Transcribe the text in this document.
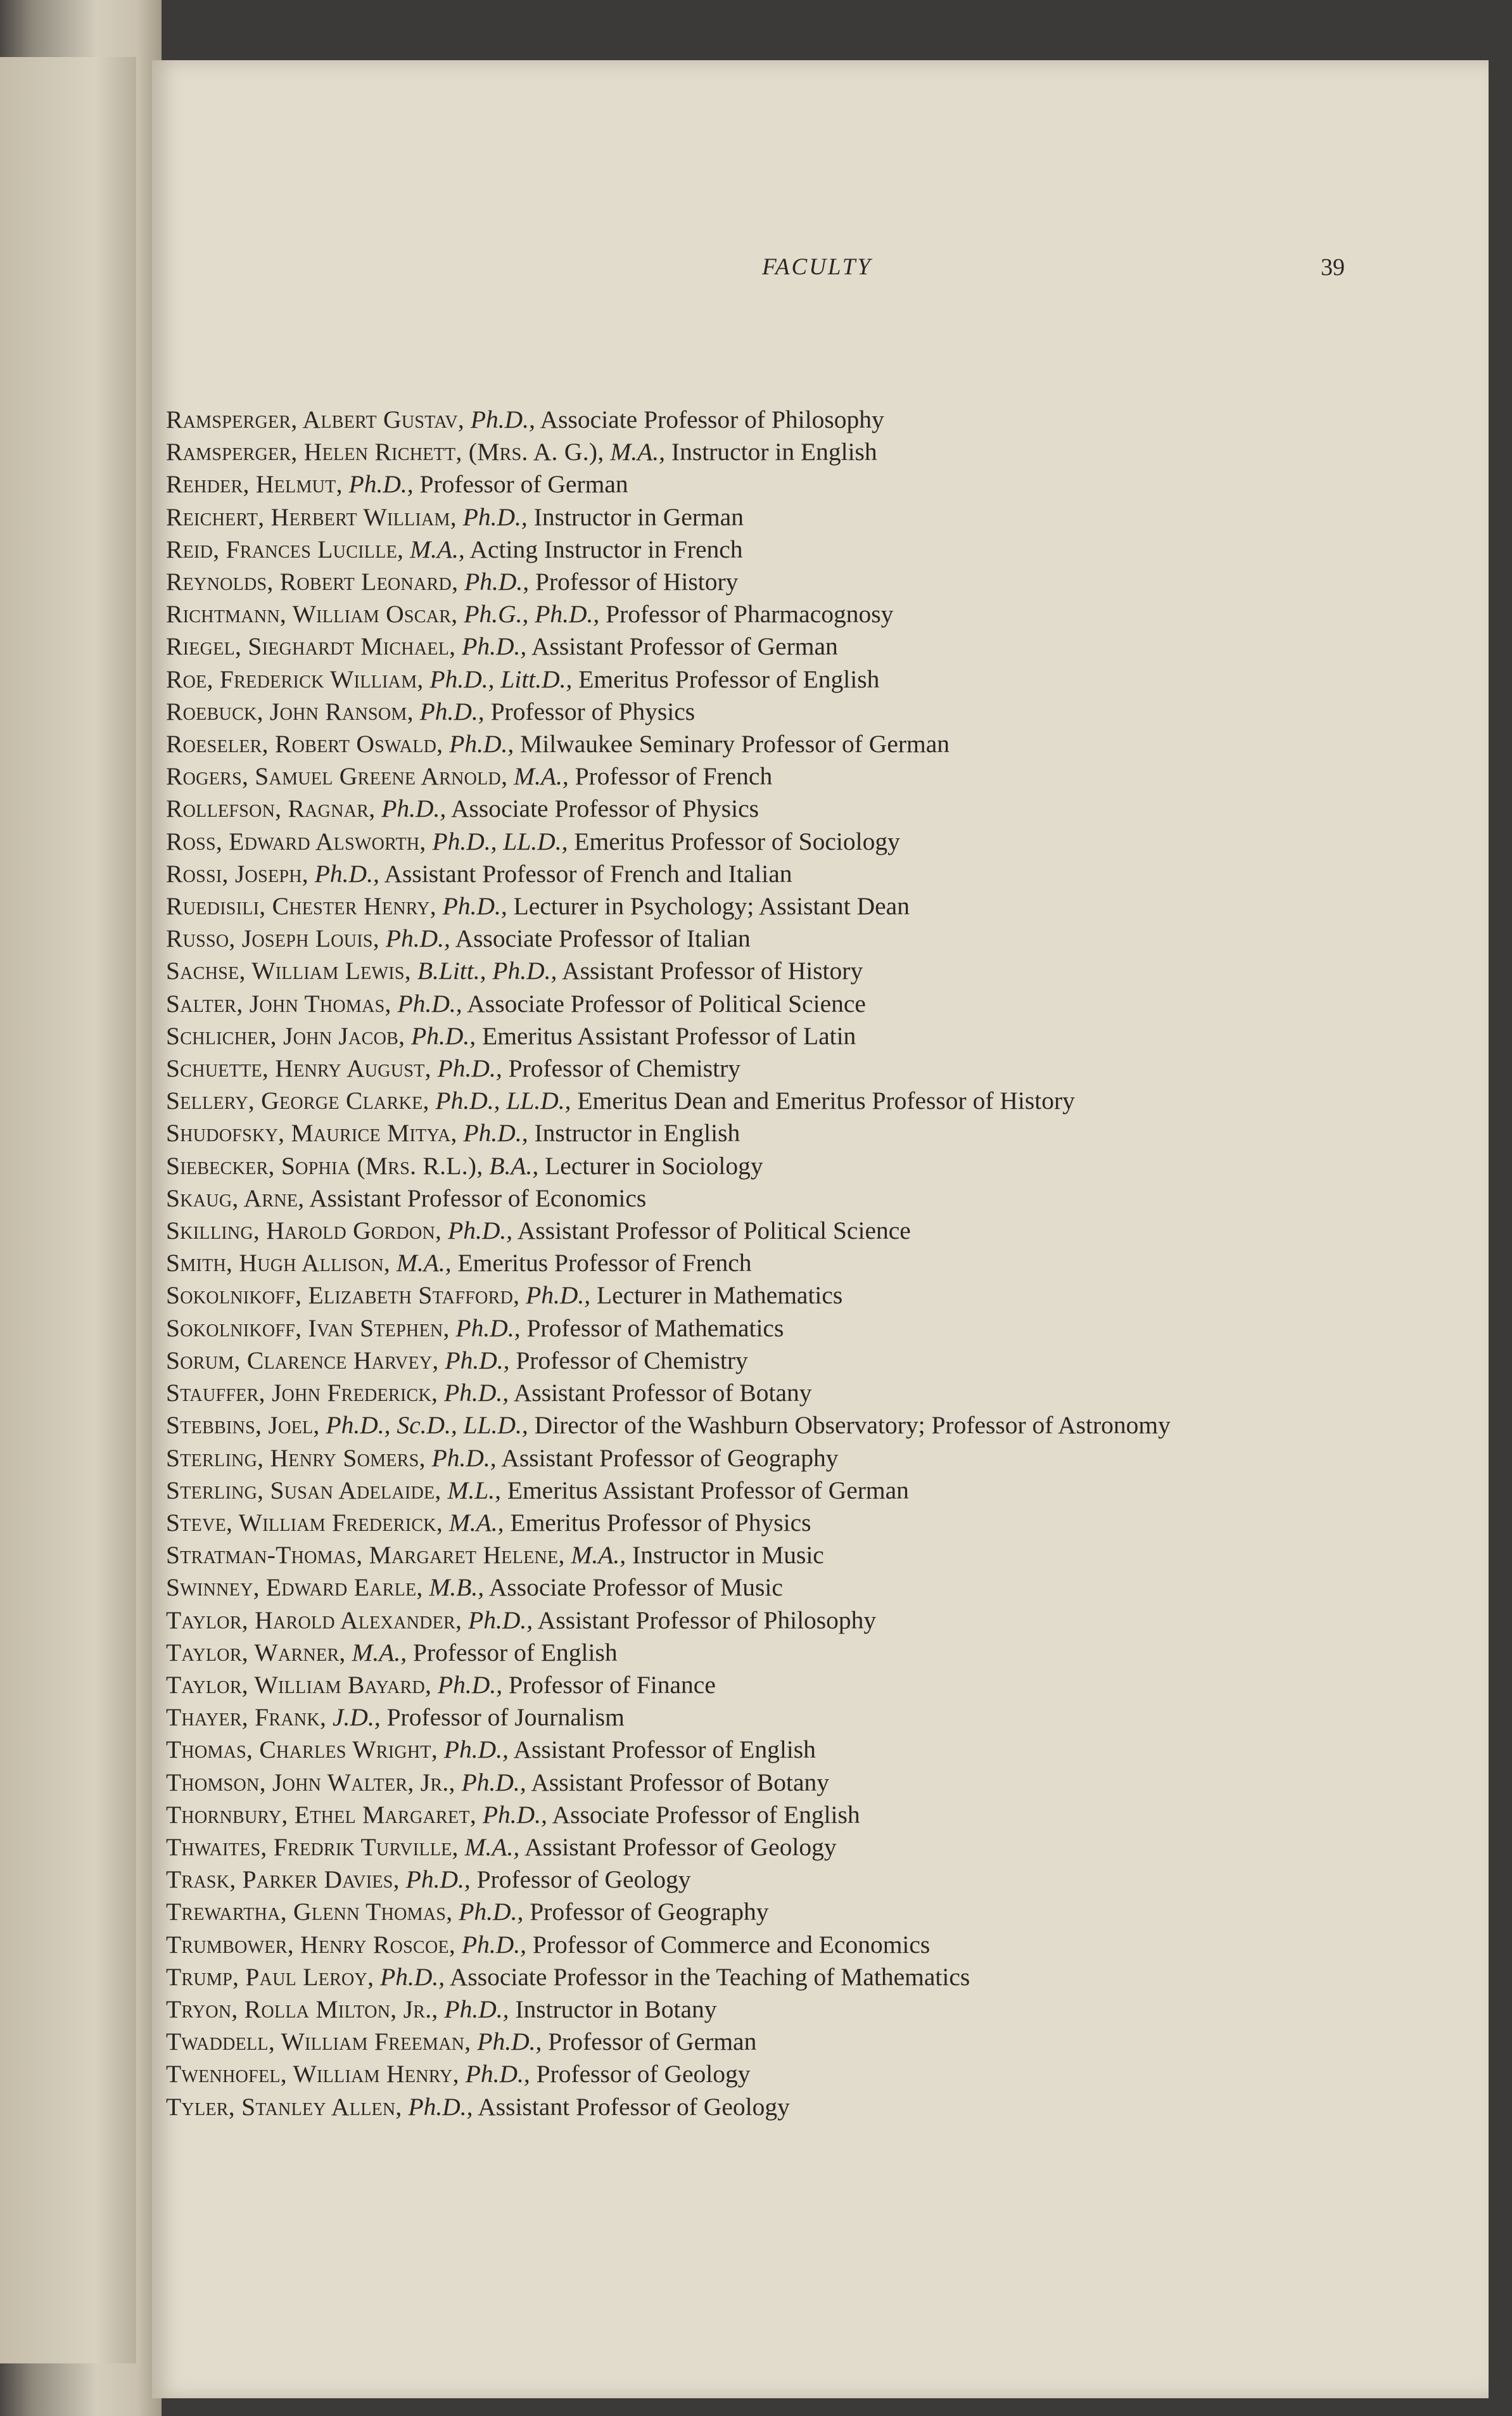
FACULTY	39

Ramsperger, Albert Gustav, Ph.D., Associate Professor of Philosophy

Ramsperger, Helen Richett, (Mrs. A. G.), M.A., Instructor in English

Rehder, Helmut, Ph.D., Professor of German

Reichert, Herbert William, Ph.D., Instructor in German

Reid, Frances Lucille, M.A., Acting Instructor in French

Reynolds, Robert Leonard, Ph.D., Professor of History

Richtmann, William Oscar, Ph.G., Ph.D., Professor of Pharmacognosy

Riegel, Sieghardt Michael, Ph.D., Assistant Professor of German

Roe, Frederick William, Ph.D., Litt.D., Emeritus Professor of English

Roebuck, John Ransom, Ph.D., Professor of Physics

Roeseler, Robert Oswald, Ph.D., Milwaukee Seminary Professor of German

Rogers, Samuel Greene Arnold, M.A., Professor of French

Rollefson, Ragnar, Ph.D., Associate Professor of Physics

Ross, Edward Alsworth, Ph.D., LL.D., Emeritus Professor of Sociology

Rossi, Joseph, Ph.D., Assistant Professor of French and Italian

Ruedisili, Chester Henry, Ph.D., Lecturer in Psychology; Assistant Dean

Russo, Joseph Louis, Ph.D., Associate Professor of Italian

Sachse, William Lewis, B.Litt., Ph.D., Assistant Professor of History

Salter, John Thomas, Ph.D., Associate Professor of Political Science

Schlicher, John Jacob, Ph.D., Emeritus Assistant Professor of Latin

Schuette, Henry August, Ph.D., Professor of Chemistry

Sellery, George Clarke, Ph.D., LL.D., Emeritus Dean and Emeritus Professor of History

Shudofsky, Maurice Mitya, Ph.D., Instructor in English

Siebecker, Sophia (Mrs. R.L.), B.A., Lecturer in Sociology

Skaug, Arne, Assistant Professor of Economics

Skilling, Harold Gordon, Ph.D., Assistant Professor of Political Science

Smith, Hugh Allison, M.A., Emeritus Professor of French

Sokolnikoff, Elizabeth Stafford, Ph.D., Lecturer in Mathematics

Sokolnikoff, Ivan Stephen, Ph.D., Professor of Mathematics

Sorum, Clarence Harvey, Ph.D., Professor of Chemistry

Stauffer, John Frederick, Ph.D., Assistant Professor of Botany

Stebbins, Joel, Ph.D., Sc.D., LL.D., Director of the Washburn Observatory; Professor of Astronomy

Sterling, Henry Somers, Ph.D., Assistant Professor of Geography

Sterling, Susan Adelaide, M.L., Emeritus Assistant Professor of German

Steve, William Frederick, M.A., Emeritus Professor of Physics

Stratman-Thomas, Margaret Helene, M.A., Instructor in Music

Swinney, Edward Earle, M.B., Associate Professor of Music

Taylor, Harold Alexander, Ph.D., Assistant Professor of Philosophy

Taylor, Warner, M.A., Professor of English

Taylor, William Bayard, Ph.D., Professor of Finance

Thayer, Frank, J.D., Professor of Journalism

Thomas, Charles Wright, Ph.D., Assistant Professor of English

Thomson, John Walter, Jr., Ph.D., Assistant Professor of Botany

Thornbury, Ethel Margaret, Ph.D., Associate Professor of English

Thwaites, Fredrik Turville, M.A., Assistant Professor of Geology

Trask, Parker Davies, Ph.D., Professor of Geology

Trewartha, Glenn Thomas, Ph.D., Professor of Geography

Trumbower, Henry Roscoe, Ph.D., Professor of Commerce and Economics

Trump, Paul Leroy, Ph.D., Associate Professor in the Teaching of Mathematics

Tryon, Rolla Milton, Jr., Ph.D., Instructor in Botany

Twaddell, William Freeman, Ph.D., Professor of German

Twenhofel, William Henry, Ph.D., Professor of Geology

Tyler, Stanley Allen, Ph.D., Assistant Professor of Geology
